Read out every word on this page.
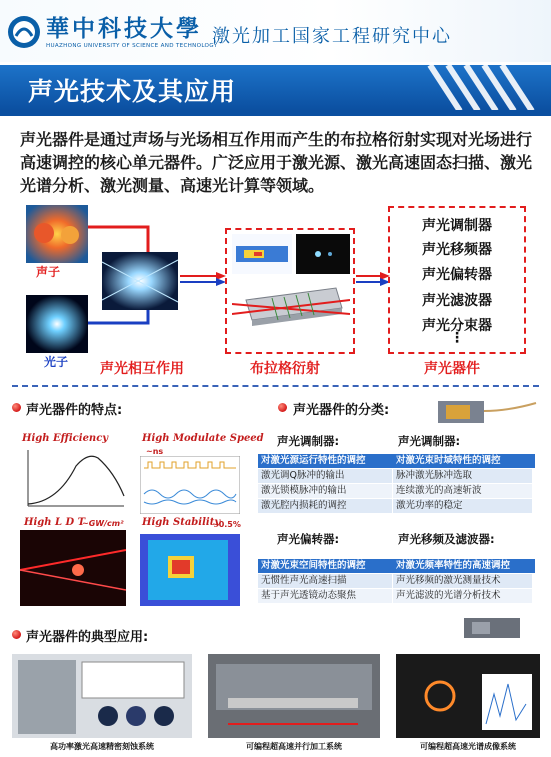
華中科技大學
HUAZHONG UNIVERSITY OF SCIENCE AND TECHNOLOGY
激光加工国家工程研究中心
声光技术及其应用
声光器件是通过声场与光场相互作用而产生的布拉格衍射实现对光场进行高速调控的核心单元器件。广泛应用于激光源、激光高速固态扫描、激光光谱分析、激光测量、高速光计算等领域。
声子
光子
声光调制器
声光移频器
声光偏转器
声光滤波器
声光分束器
⋮
声光相互作用	布拉格衍射	声光器件
声光器件的特点:
High Efficiency	High Modulate Speed
~ns
High L D T
~GW/cm² High Stability
~0.5%
声光器件的分类:
声光调制器:	声光调制器:
对激光源运行特性的调控	对激光束时域特性的调控
激光调Q脉冲的输出	脉冲激光脉冲选取
激光锁模脉冲的输出	连续激光的高速斩波
激光腔内损耗的调控	激光功率的稳定
声光偏转器:	声光移频及滤波器:
对激光束空间特性的调控	对激光频率特性的高速调控
无惯性声光高速扫描	声光移频的激光测量技术
基于声光透镜动态聚焦	声光滤波的光谱分析技术
声光器件的典型应用:
高功率激光高速精密刻蚀系统	可编程超高速并行加工系统	可编程超高速光谱成像系统
